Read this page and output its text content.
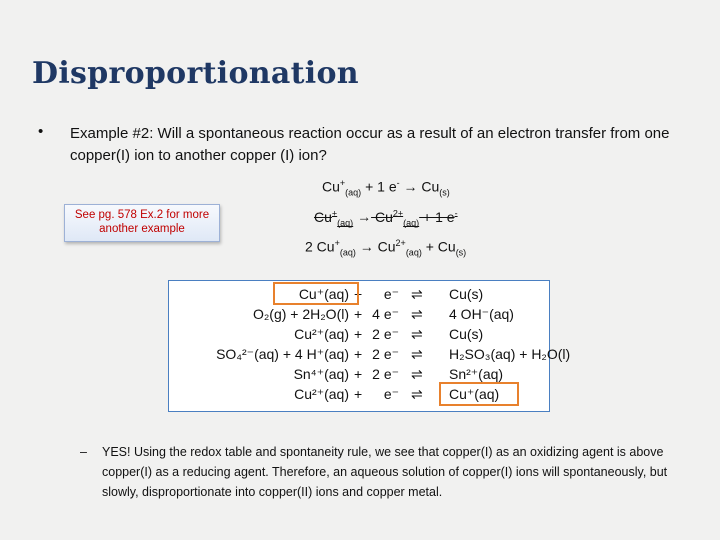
Disproportionation
• Example #2: Will a spontaneous reaction occur as a result of an electron transfer from one copper(I) ion to another copper (I) ion?
$Cu^+_{(aq)} + 1$ $e^- \to Cu_{(s)}$
$Cu^+_{(aq)} \to Cu^{2+}_{(aq)} + 1$ e-
2 $Cu^+_{(aq)} \to Cu^{2+}_{(aq)} + Cu_{(s)}$
See pg. 578 Ex.2 for more another example
Cu⁺(aq) +	e⁻ ⇌ Cu(s)
O₂(g) + 2H₂O(l) + 4 e⁻ ⇌ 4 OH⁻(aq)
Cu²⁺(aq) + 2 e⁻ ⇌ Cu(s)
SO₄²⁻(aq) + 4 H⁺(aq) + 2 e⁻ ⇌ H₂SO₃(aq) + H₂O(l)
Sn⁴⁺(aq) + 2 e⁻ ⇌ Sn²⁺(aq)
Cu²⁺(aq) +	e⁻ ⇌ Cu⁺(aq)
– YES! Using the redox table and spontaneity rule, we see that copper(I) as an oxidizing agent is above copper(I) as a reducing agent. Therefore, an aqueous solution of copper(I) ions will spontaneously, but slowly, disproportionate into copper(II) ions and copper metal.
